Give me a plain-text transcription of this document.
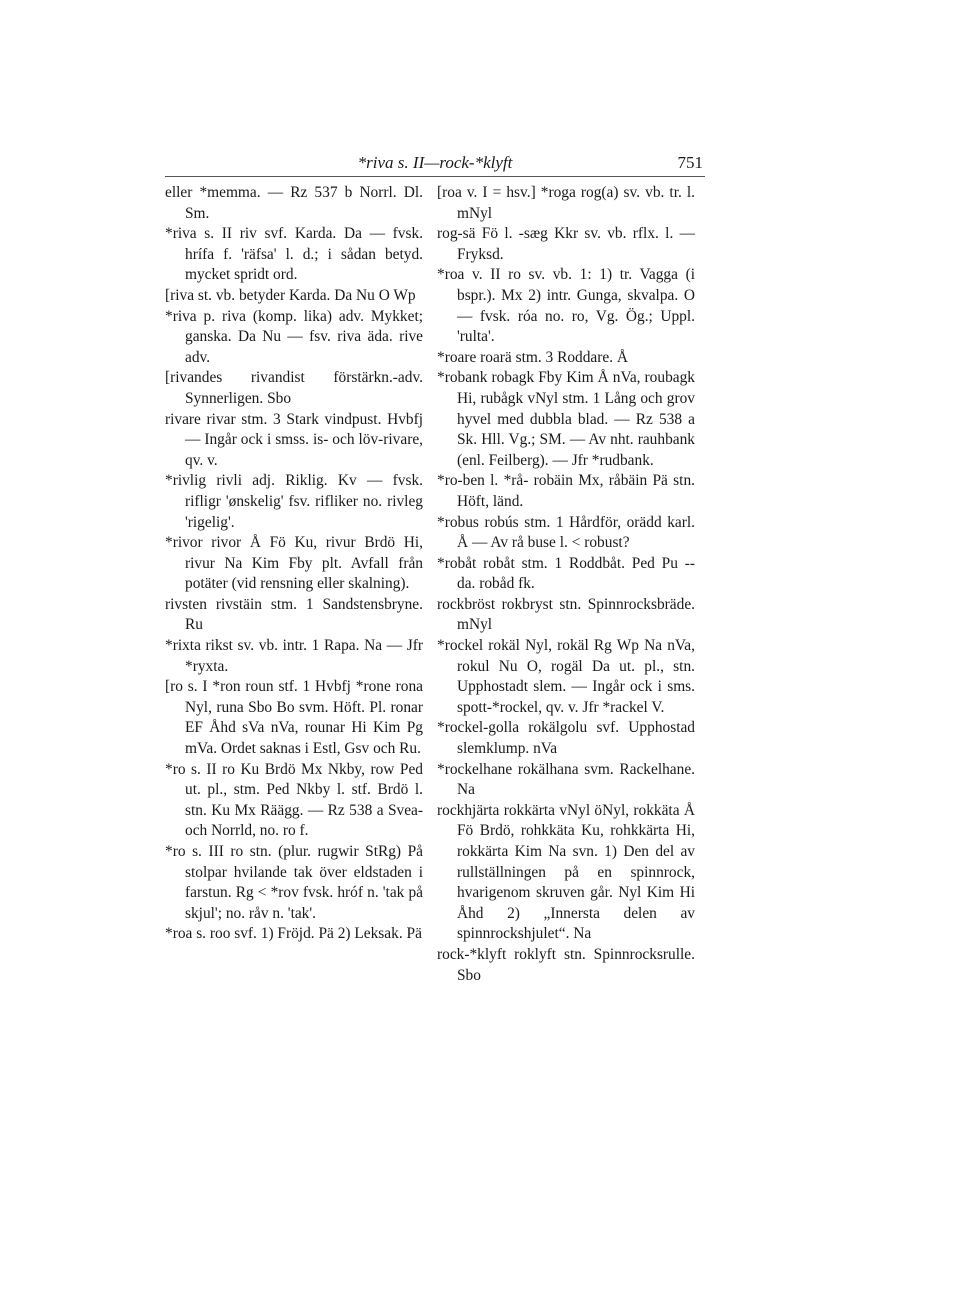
*riva s. II—rock-*klyft	751

eller *memma. — Rz 537 b Norrl. Dl. Sm.

*riva s. II riv svf. Karda. Da — fvsk. hrífa f. 'räfsa' l. d.; i sådan betyd. mycket spridt ord.

[riva st. vb. betyder Karda. Da Nu O Wp

*riva p. riva (komp. lika) adv. Mykket; ganska. Da Nu — fsv. riva äda. rive adv.

[rivandes rivandist förstärkn.-adv. Synnerligen. Sbo

rivare rivar stm. 3 Stark vindpust. Hvbfj — Ingår ock i smss. is- och löv-rivare, qv. v.

*rivlig rivli adj. Riklig. Kv — fvsk. rifligr 'ønskelig' fsv. rifliker no. rivleg 'rigelig'.

*rivor rivor Å Fö Ku, rivur Brdö Hi, rivur Na Kim Fby plt. Avfall från potäter (vid rensning eller skalning).

rivsten rivstäin stm. 1 Sandstensbryne. Ru

*rixta rikst sv. vb. intr. 1 Rapa. Na — Jfr *ryxta.

[ro s. I *ron roun stf. 1 Hvbfj *rone rona Nyl, runa Sbo Bo svm. Höft. Pl. ronar EF Åhd sVa nVa, rounar Hi Kim Pg mVa. Ordet saknas i Estl, Gsv och Ru.

*ro s. II ro Ku Brdö Mx Nkby, row Ped ut. pl., stm. Ped Nkby l. stf. Brdö l. stn. Ku Mx Räägg. — Rz 538 a Svea- och Norrld, no. ro f.

*ro s. III ro stn. (plur. rugwir StRg) På stolpar hvilande tak över eldstaden i farstun. Rg < *rov fvsk. hróf n. 'tak på skjul'; no. råv n. 'tak'.

*roa s. roo svf. 1) Fröjd. Pä 2) Leksak. Pä

[roa v. I = hsv.] *roga rog(a) sv. vb. tr. l. mNyl

rog-sä Fö l. -sæg Kkr sv. vb. rflx. l. — Fryksd.

*roa v. II ro sv. vb. 1: 1) tr. Vagga (i bspr.). Mx 2) intr. Gunga, skvalpa. O — fvsk. róa no. ro, Vg. Ög.; Uppl. 'rulta'.

*roare roarä stm. 3 Roddare. Å

*robank robagk Fby Kim Å nVa, roubagk Hi, rubågk vNyl stm. 1 Lång och grov hyvel med dubbla blad. — Rz 538 a Sk. Hll. Vg.; SM. — Av nht. rauhbank (enl. Feilberg). — Jfr *rudbank.

*ro-ben l. *rå- robäin Mx, råbäin Pä stn. Höft, länd.

*robus robús stm. 1 Hårdför, orädd karl. Å — Av rå buse l. < robust?

*robåt robåt stm. 1 Roddbåt. Ped Pu -- da. robåd fk.

rockbröst rokbryst stn. Spinnrocksbräde. mNyl

*rockel rokäl Nyl, rokäl Rg Wp Na nVa, rokul Nu O, rogäl Da ut. pl., stn. Upphostadt slem. — Ingår ock i sms. spott-*rockel, qv. v. Jfr *rackel V.

*rockel-golla rokälgolu svf. Upphostad slemklump. nVa

*rockelhane rokälhana svm. Rackelhane. Na

rockhjärta rokkärta vNyl öNyl, rokkäta Å Fö Brdö, rohkkäta Ku, rohkkärta Hi, rokkärta Kim Na svn. 1) Den del av rullställningen på en spinnrock, hvarigenom skruven går. Nyl Kim Hi Åhd 2) „Innersta delen av spinnrockshjulet“. Na

rock-*klyft roklyft stn. Spinnrocksrulle. Sbo
